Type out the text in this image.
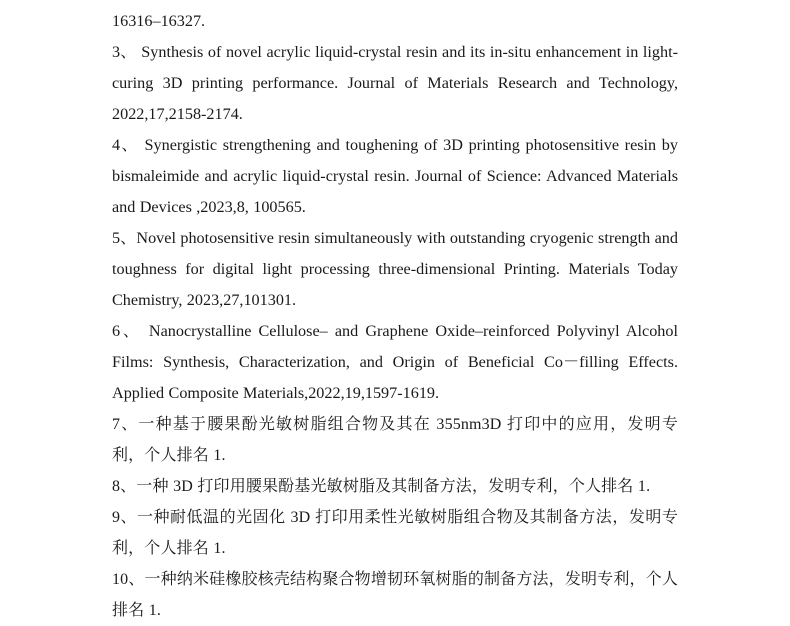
16316‒16327.

3、 Synthesis of novel acrylic liquid-crystal resin and its in-situ enhancement in light-curing 3D printing performance. Journal of Materials Research and Technology, 2022,17,2158-2174.

4、 Synergistic strengthening and toughening of 3D printing photosensitive resin by bismaleimide and acrylic liquid-crystal resin. Journal of Science: Advanced Materials and Devices ,2023,8, 100565.

5、Novel photosensitive resin simultaneously with outstanding cryogenic strength and toughness for digital light processing three-dimensional Printing. Materials Today Chemistry, 2023,27,101301.

6、 Nanocrystalline Cellulose– and Graphene Oxide–reinforced Polyvinyl Alcohol Films: Synthesis, Characterization, and Origin of Beneficial Co－filling Effects. Applied Composite Materials,2022,19,1597-1619.

7、一种基于腰果酚光敏树脂组合物及其在 355nm3D 打印中的应用，发明专利，个人排名 1.

8、一种 3D 打印用腰果酚基光敏树脂及其制备方法，发明专利，个人排名 1.

9、一种耐低温的光固化 3D 打印用柔性光敏树脂组合物及其制备方法，发明专利，个人排名 1.

10、一种纳米硅橡胶核壳结构聚合物增韧环氧树脂的制备方法，发明专利，个人排名 1.
